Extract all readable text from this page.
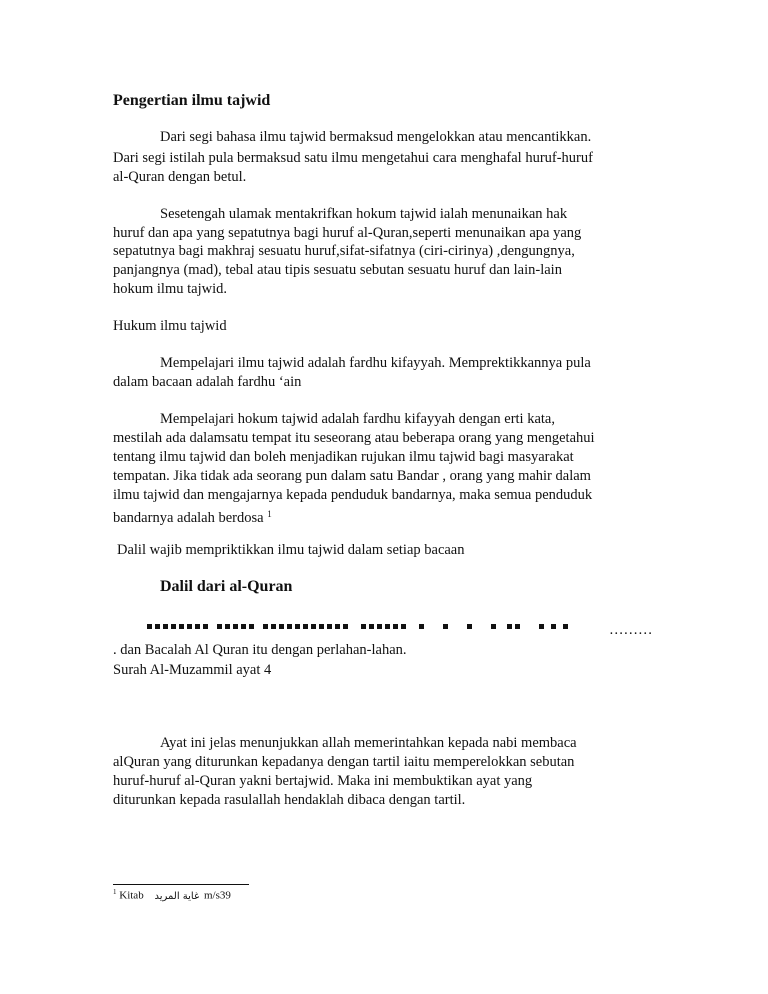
Pengertian ilmu tajwid
Dari segi bahasa ilmu tajwid bermaksud mengelokkan atau mencantikkan.
Dari segi istilah pula bermaksud satu ilmu mengetahui cara menghafal huruf-huruf
al-Quran dengan betul.
Sesetengah ulamak mentakrifkan hokum tajwid ialah menunaikan hak
huruf dan apa yang sepatutnya bagi huruf al-Quran,seperti menunaikan apa yang
sepatutnya bagi makhraj sesuatu huruf,sifat-sifatnya (ciri-cirinya) ,dengungnya,
panjangnya (mad), tebal atau tipis sesuatu sebutan sesuatu huruf dan lain-lain
hokum ilmu tajwid.
Hukum ilmu tajwid
Mempelajari ilmu tajwid adalah fardhu kifayyah. Memprektikkannya pula
dalam bacaan adalah fardhu ‘ain
Mempelajari hokum tajwid adalah fardhu kifayyah dengan erti kata,
mestilah ada dalamsatu tempat itu seseorang atau beberapa orang yang mengetahui
tentang ilmu tajwid dan boleh menjadikan rujukan ilmu tajwid bagi masyarakat
tempatan. Jika tidak ada seorang pun dalam satu Bandar , orang yang mahir dalam
ilmu tajwid dan mengajarnya kepada penduduk bandarnya, maka semua penduduk
bandarnya adalah berdosa $^1$
Dalil wajib mempriktikkan ilmu tajwid dalam setiap bacaan
Dalil dari al-Quran
………
. dan Bacalah Al Quran itu dengan perlahan-lahan.
Surah Al-Muzammil ayat 4
Ayat ini jelas menunjukkan allah memerintahkan kepada nabi membaca
alQuran yang diturunkan kepadanya dengan tartil iaitu memperelokkan sebutan
huruf-huruf al-Quran yakni bertajwid. Maka ini membuktikan ayat yang
diturunkan kepada rasulallah hendaklah dibaca dengan tartil.
$^1$ Kitab غاية المريد m/s39
